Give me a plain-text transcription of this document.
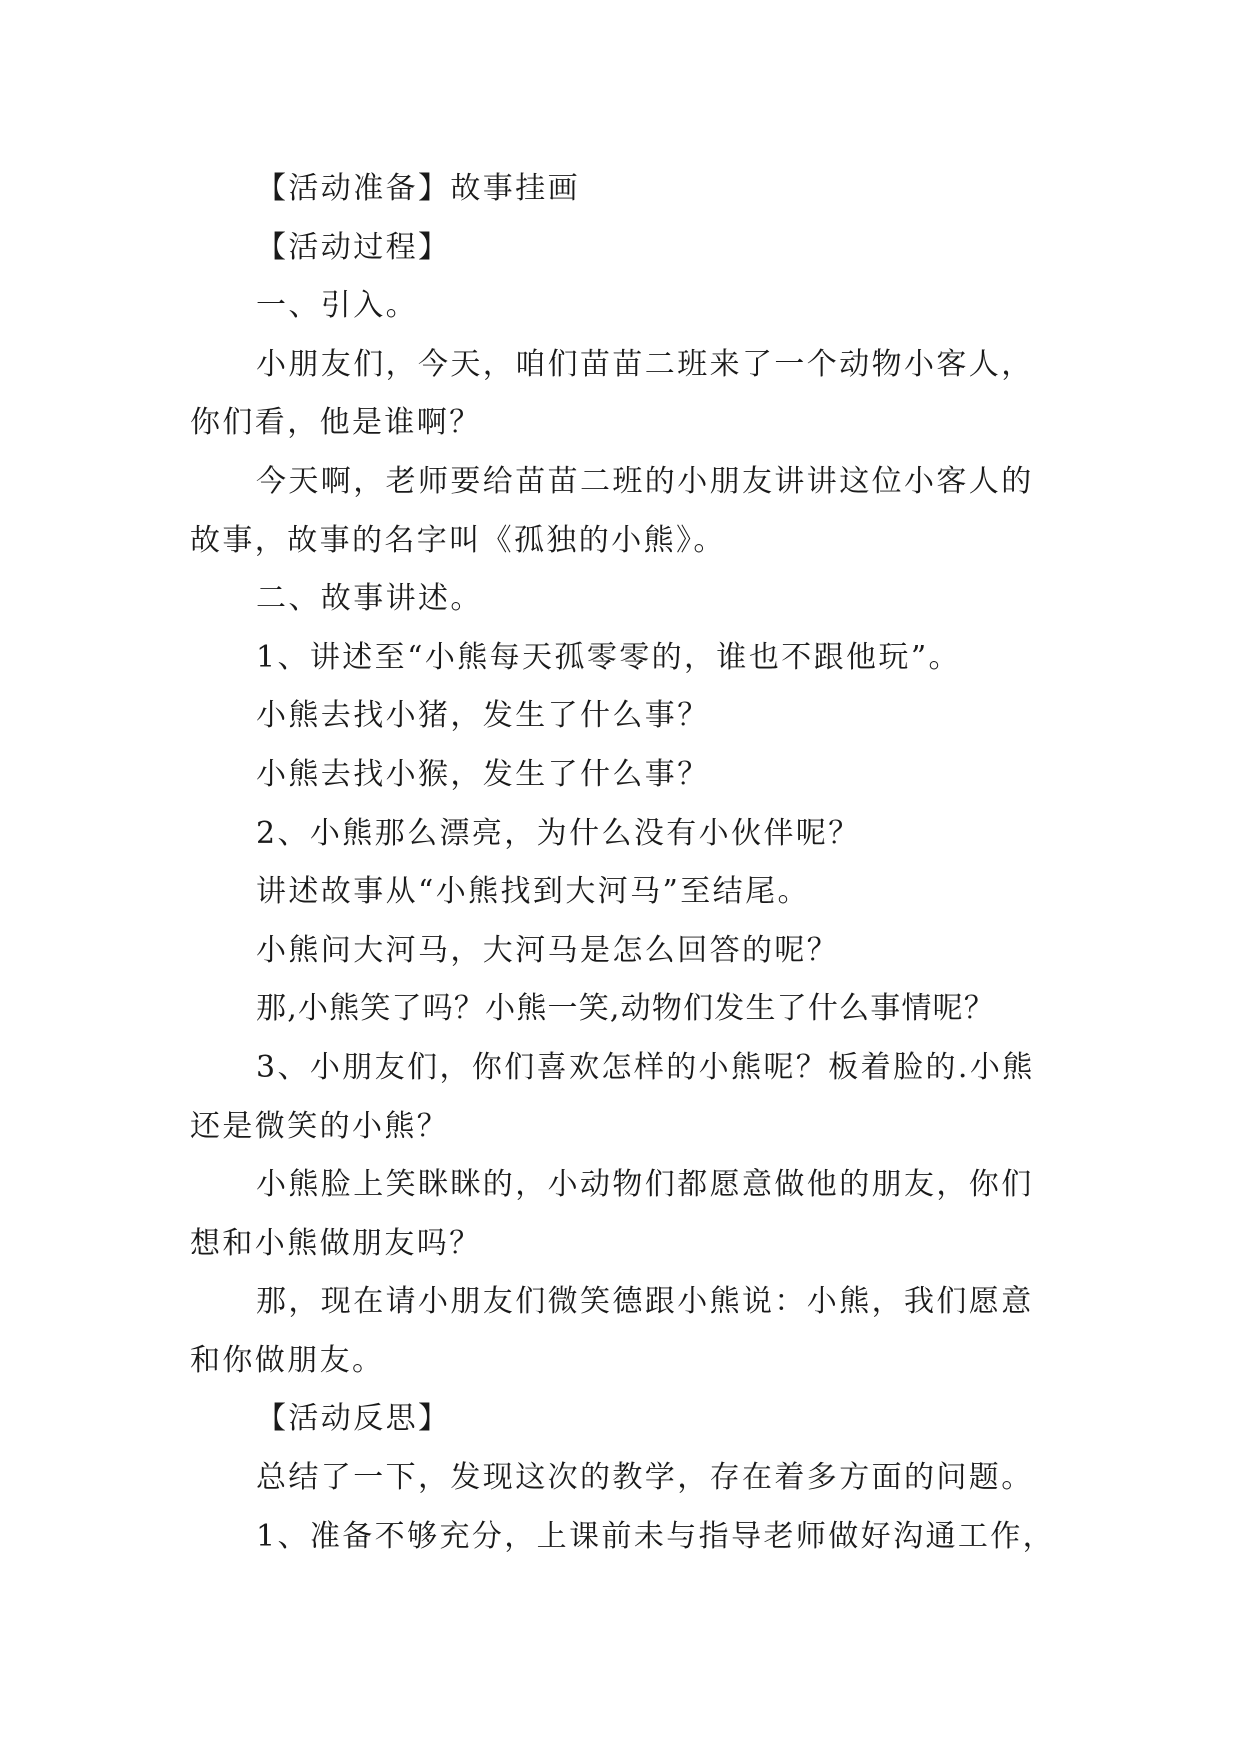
【活动准备】故事挂画

【活动过程】

一、引入。

小朋友们，今天，咱们苗苗二班来了一个动物小客人，你们看，他是谁啊？

今天啊，老师要给苗苗二班的小朋友讲讲这位小客人的故事，故事的名字叫《孤独的小熊》。

二、故事讲述。

1、讲述至“小熊每天孤零零的，谁也不跟他玩”。

小熊去找小猪，发生了什么事？

小熊去找小猴，发生了什么事？

2、小熊那么漂亮，为什么没有小伙伴呢？

讲述故事从“小熊找到大河马”至结尾。

小熊问大河马，大河马是怎么回答的呢？

那,小熊笑了吗？小熊一笑,动物们发生了什么事情呢？

3、小朋友们，你们喜欢怎样的小熊呢？板着脸的.小熊还是微笑的小熊？

小熊脸上笑眯眯的，小动物们都愿意做他的朋友，你们想和小熊做朋友吗？

那，现在请小朋友们微笑德跟小熊说：小熊，我们愿意和你做朋友。

【活动反思】

总结了一下，发现这次的教学，存在着多方面的问题。

1、准备不够充分，上课前未与指导老师做好沟通工作，
